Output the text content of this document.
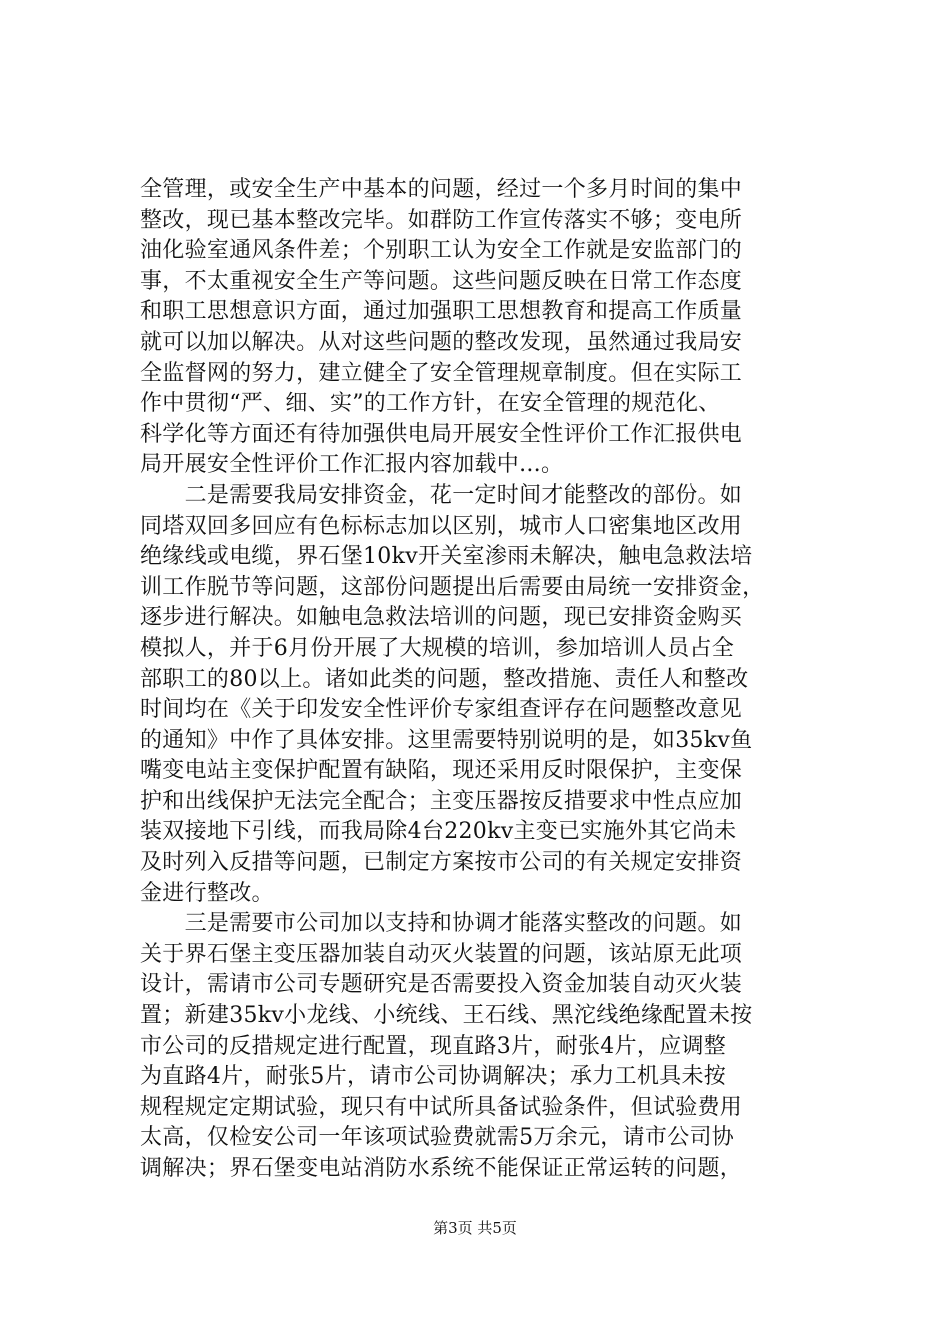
全管理，或安全生产中基本的问题，经过一个多月时间的集中
整改，现已基本整改完毕。如群防工作宣传落实不够；变电所
油化验室通风条件差；个别职工认为安全工作就是安监部门的
事，不太重视安全生产等问题。这些问题反映在日常工作态度
和职工思想意识方面，通过加强职工思想教育和提高工作质量
就可以加以解决。从对这些问题的整改发现，虽然通过我局安
全监督网的努力，建立健全了安全管理规章制度。但在实际工
作中贯彻“严、细、实”的工作方针，在安全管理的规范化、
科学化等方面还有待加强供电局开展安全性评价工作汇报供电
局开展安全性评价工作汇报内容加载中...。
　　二是需要我局安排资金，花一定时间才能整改的部份。如
同塔双回多回应有色标标志加以区别，城市人口密集地区改用
绝缘线或电缆，界石堡10kv开关室渗雨未解决，触电急救法培
训工作脱节等问题，这部份问题提出后需要由局统一安排资金，
逐步进行解决。如触电急救法培训的问题，现已安排资金购买
模拟人，并于6月份开展了大规模的培训，参加培训人员占全
部职工的80以上。诸如此类的问题，整改措施、责任人和整改
时间均在《关于印发安全性评价专家组查评存在问题整改意见
的通知》中作了具体安排。这里需要特别说明的是，如35kv鱼
嘴变电站主变保护配置有缺陷，现还采用反时限保护，主变保
护和出线保护无法完全配合；主变压器按反措要求中性点应加
装双接地下引线，而我局除4台220kv主变已实施外其它尚未
及时列入反措等问题，已制定方案按市公司的有关规定安排资
金进行整改。
　　三是需要市公司加以支持和协调才能落实整改的问题。如
关于界石堡主变压器加装自动灭火装置的问题，该站原无此项
设计，需请市公司专题研究是否需要投入资金加装自动灭火装
置；新建35kv小龙线、小统线、王石线、黑沱线绝缘配置未按
市公司的反措规定进行配置，现直路3片，耐张4片，应调整
为直路4片，耐张5片，请市公司协调解决；承力工机具未按
规程规定定期试验，现只有中试所具备试验条件，但试验费用
太高，仅检安公司一年该项试验费就需5万余元，请市公司协
调解决；界石堡变电站消防水系统不能保证正常运转的问题，
第3页 共5页
